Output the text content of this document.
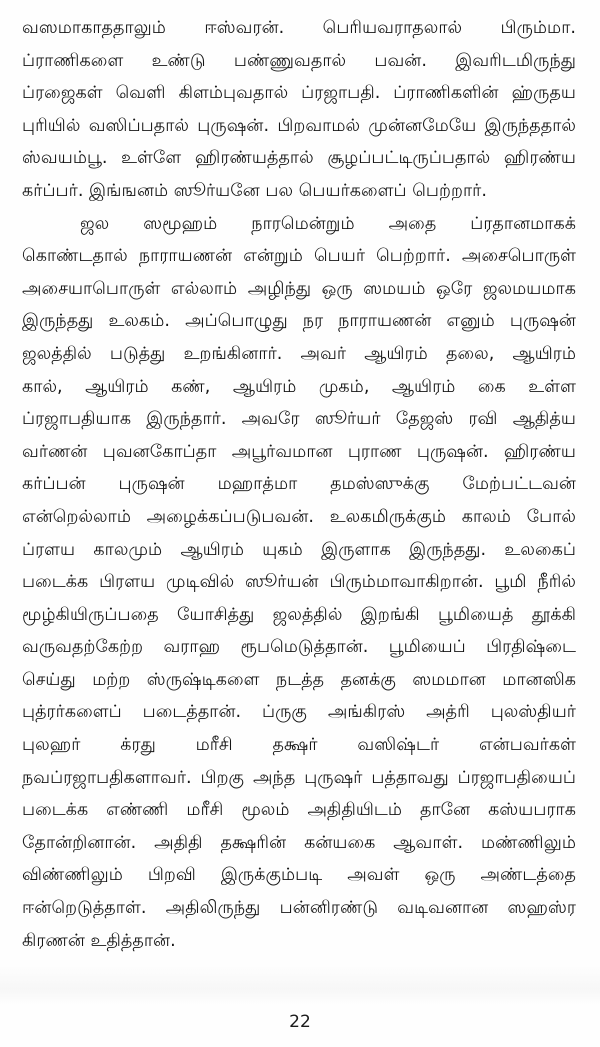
வஸமாகாததாலும் ஈஸ்வரன். பெரியவராதலால் பிரும்மா.
ப்ராணிகளை உண்டு பண்ணுவதால் பவன். இவரிடமிருந்து
ப்ரஜைகள் வெளி கிளம்புவதால் ப்ரஜாபதி. ப்ராணிகளின் ஹ்ருதய
புரியில் வஸிப்பதால் புருஷன். பிறவாமல் முன்னமேயே இருந்ததால்
ஸ்வயம்பூ. உள்ளே ஹிரண்யத்தால் சூழப்பட்டிருப்பதால் ஹிரண்ய
கர்ப்பர். இங்ஙனம் ஸூர்யனே பல பெயர்களைப் பெற்றார்.

ஜல ஸமூஹம் நாரமென்றும் அதை ப்ரதானமாகக்
கொண்டதால் நாராயணன் என்றும் பெயர் பெற்றார். அசைபொருள்
அசையாபொருள் எல்லாம் அழிந்து ஒரு ஸமயம் ஒரே ஜலமயமாக
இருந்தது உலகம். அப்பொழுது நர நாராயணன் எனும் புருஷன்
ஜலத்தில் படுத்து உறங்கினார். அவர் ஆயிரம் தலை, ஆயிரம்
கால், ஆயிரம் கண், ஆயிரம் முகம், ஆயிரம் கை உள்ள
ப்ரஜாபதியாக இருந்தார். அவரே ஸூர்யர் தேஜஸ் ரவி ஆதித்ய
வர்ணன் புவனகோப்தா அபூர்வமான புராண புருஷன். ஹிரண்ய
கர்ப்பன் புருஷன் மஹாத்மா தமஸ்ஸுக்கு மேற்பட்டவன்
என்றெல்லாம் அழைக்கப்படுபவன். உலகமிருக்கும் காலம் போல்
ப்ரளய காலமும் ஆயிரம் யுகம் இருளாக இருந்தது. உலகைப்
படைக்க பிரளய முடிவில் ஸூர்யன் பிரும்மாவாகிறான். பூமி நீரில்
மூழ்கியிருப்பதை யோசித்து ஜலத்தில் இறங்கி பூமியைத் தூக்கி
வருவதற்கேற்ற வராஹ ரூபமெடுத்தான். பூமியைப் பிரதிஷ்டை
செய்து மற்ற ஸ்ருஷ்டிகளை நடத்த தனக்கு ஸமமான மானஸிக
புத்ரர்களைப் படைத்தான். ப்ருகு அங்கிரஸ் அத்ரி புலஸ்தியர்
புலஹர் க்ரது மரீசி தக்ஷர் வஸிஷ்டர் என்பவர்கள்
நவப்ரஜாபதிகளாவர். பிறகு அந்த புருஷர் பத்தாவது ப்ரஜாபதியைப்
படைக்க எண்ணி மரீசி மூலம் அதிதியிடம் தானே கஸ்யபராக
தோன்றினான். அதிதி தக்ஷரின் கன்யகை ஆவாள். மண்ணிலும்
விண்ணிலும் பிறவி இருக்கும்படி அவள் ஒரு அண்டத்தை
ஈன்றெடுத்தாள். அதிலிருந்து பன்னிரண்டு வடிவனான ஸஹஸ்ர
கிரணன் உதித்தான்.

22
